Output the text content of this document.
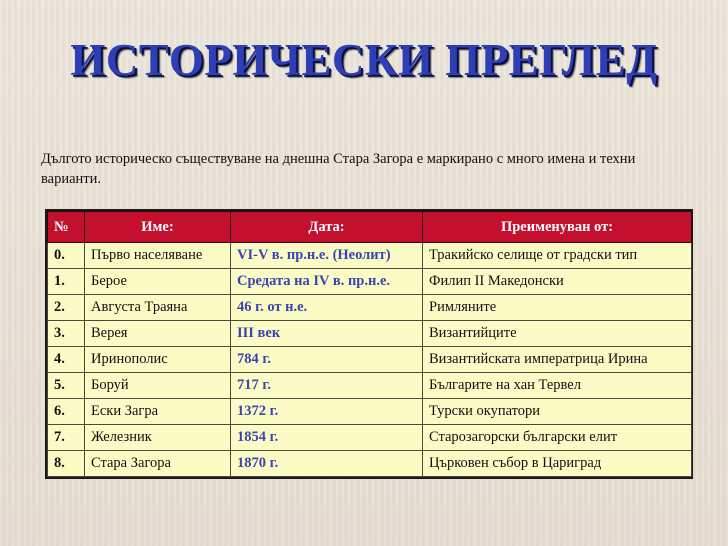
ИСТОРИЧЕСКИ ПРЕГЛЕД

Дългото историческо съществуване на днешна Стара Загора е маркирано с много имена и техни варианти.

№	Име:	Дата:	Преименуван от:
0.	Първо населяване	VI-V в. пр.н.е. (Неолит)	Тракийско селище от градски тип
1.	Берое	Средата на IV в. пр.н.е.	Филип II Македонски
2.	Августа Траяна	46 г. от н.е.	Римляните
3.	Верея	III век	Византийците
4.	Иринополис	784 г.	Византийската императрица Ирина
5.	Боруй	717 г.	Българите на хан Тервел
6.	Ески Загра	1372 г.	Турски окупатори
7.	Железник	1854 г.	Старозагорски български елит
8.	Стара Загора	1870 г.	Църковен събор в Цариград
